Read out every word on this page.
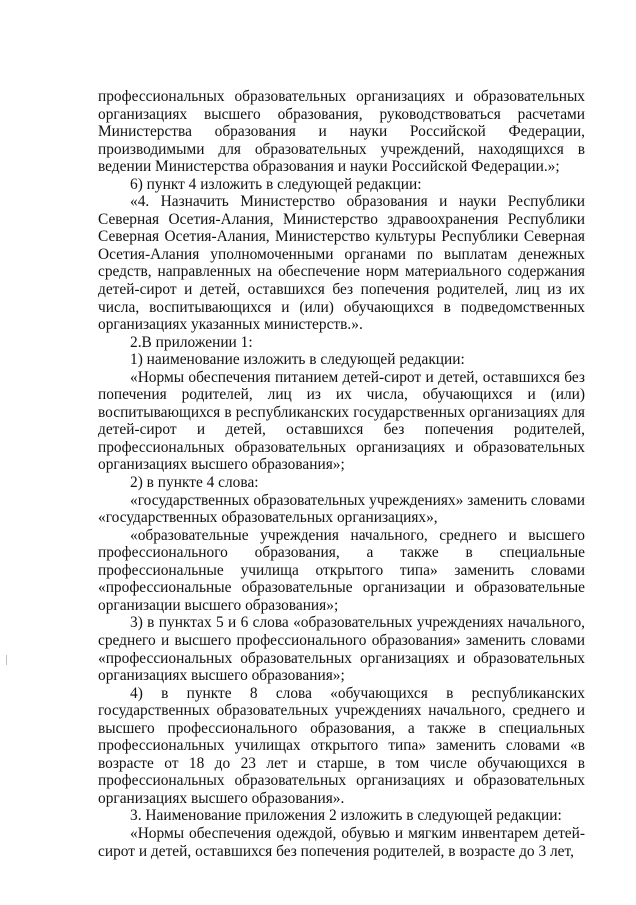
профессиональных образовательных организациях и образовательных организациях высшего образования, руководствоваться расчетами Министерства образования и науки Российской Федерации, производимыми для образовательных учреждений, находящихся в ведении Министерства образования и науки Российской Федерации.»;

6) пункт 4 изложить в следующей редакции:

«4. Назначить Министерство образования и науки Республики Северная Осетия-Алания, Министерство здравоохранения Республики Северная Осетия-Алания, Министерство культуры Республики Северная Осетия-Алания уполномоченными органами по выплатам денежных средств, направленных на обеспечение норм материального содержания детей-сирот и детей, оставшихся без попечения родителей, лиц из их числа, воспитывающихся и (или) обучающихся в подведомственных организациях указанных министерств.».

2.В приложении 1:

1) наименование изложить в следующей редакции:

«Нормы обеспечения питанием детей-сирот и детей, оставшихся без попечения родителей, лиц из их числа, обучающихся и (или) воспитывающихся в республиканских государственных организациях для детей-сирот и детей, оставшихся без попечения родителей, профессиональных образовательных организациях и образовательных организациях высшего образования»;

2) в пункте 4 слова:

«государственных образовательных учреждениях» заменить словами «государственных образовательных организациях»,

«образовательные учреждения начального, среднего и высшего профессионального образования, а также в специальные профессиональные училища открытого типа» заменить словами «профессиональные образовательные организации и образовательные организации высшего образования»;

3) в пунктах 5 и 6 слова «образовательных учреждениях начального, среднего и высшего профессионального образования» заменить словами «профессиональных образовательных организациях и образовательных организациях высшего образования»;

4) в пункте 8 слова «обучающихся в республиканских государственных образовательных учреждениях начального, среднего и высшего профессионального образования, а также в специальных профессиональных училищах открытого типа» заменить словами «в возрасте от 18 до 23 лет и старше, в том числе обучающихся в профессиональных образовательных организациях и образовательных организациях высшего образования».

3. Наименование приложения 2 изложить в следующей редакции:

«Нормы обеспечения одеждой, обувью и мягким инвентарем детей-сирот и детей, оставшихся без попечения родителей, в возрасте до 3 лет,
